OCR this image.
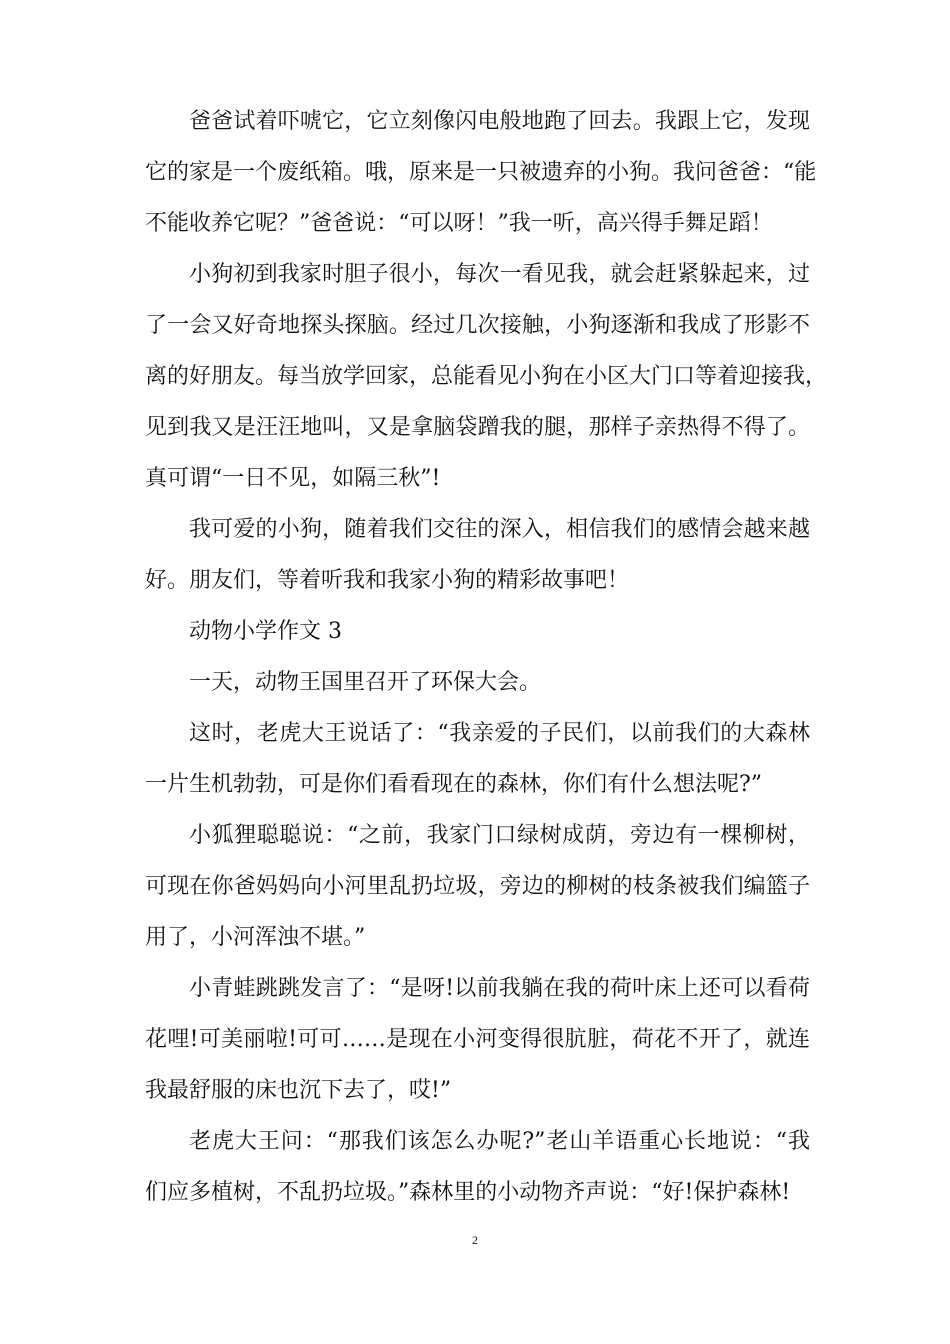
爸爸试着吓唬它，它立刻像闪电般地跑了回去。我跟上它，发现
它的家是一个废纸箱。哦，原来是一只被遗弃的小狗。我问爸爸：“能
不能收养它呢？”爸爸说：“可以呀！”我一听，高兴得手舞足蹈！

小狗初到我家时胆子很小，每次一看见我，就会赶紧躲起来，过
了一会又好奇地探头探脑。经过几次接触，小狗逐渐和我成了形影不
离的好朋友。每当放学回家，总能看见小狗在小区大门口等着迎接我，
见到我又是汪汪地叫，又是拿脑袋蹭我的腿，那样子亲热得不得了。
真可谓“一日不见，如隔三秋”!

我可爱的小狗，随着我们交往的深入，相信我们的感情会越来越
好。朋友们，等着听我和我家小狗的精彩故事吧！

动物小学作文 3

一天，动物王国里召开了环保大会。

这时，老虎大王说话了：“我亲爱的子民们，以前我们的大森林
一片生机勃勃，可是你们看看现在的森林，你们有什么想法呢?”

小狐狸聪聪说：“之前，我家门口绿树成荫，旁边有一棵柳树，
可现在你爸妈妈向小河里乱扔垃圾，旁边的柳树的枝条被我们编篮子
用了，小河浑浊不堪。”

小青蛙跳跳发言了：“是呀!以前我躺在我的荷叶床上还可以看荷
花哩!可美丽啦!可可……是现在小河变得很肮脏，荷花不开了，就连
我最舒服的床也沉下去了，哎!”

老虎大王问：“那我们该怎么办呢?”老山羊语重心长地说：“我
们应多植树，不乱扔垃圾。”森林里的小动物齐声说：“好!保护森林!

2
